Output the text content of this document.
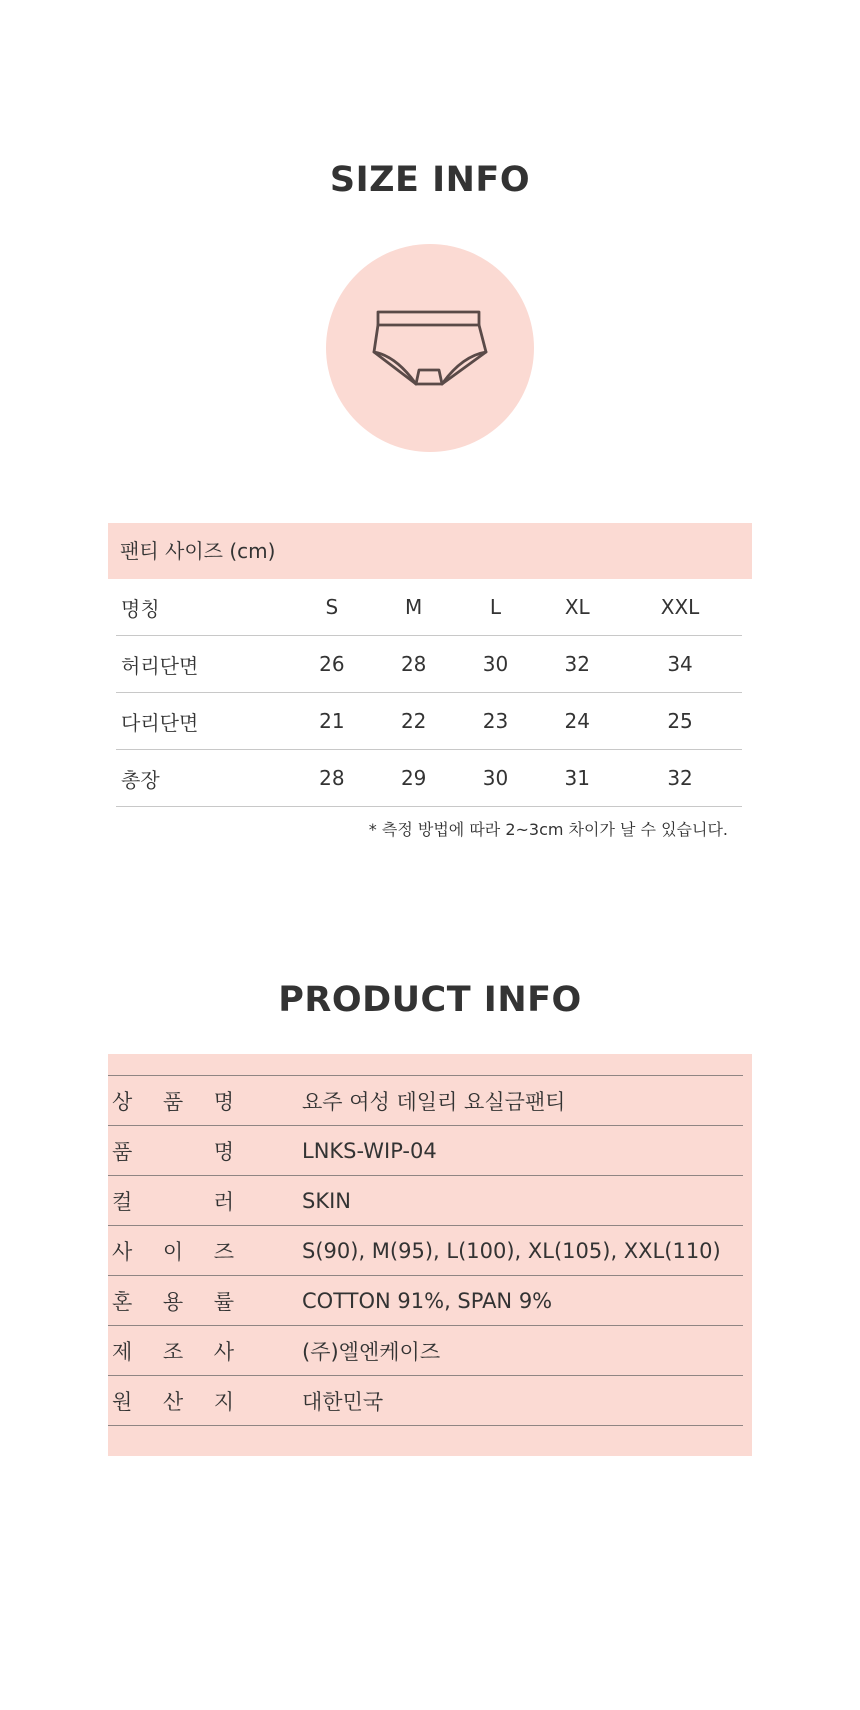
SIZE INFO
팬티 사이즈 (cm)
명칭	S	M	L	XL	XXL
허리단면	26	28	30	32	34
다리단면	21	22	23	24	25
총장	28	29	30	31	32
* 측정 방법에 따라 2~3cm 차이가 날 수 있습니다.
PRODUCT INFO
상 품 명	요주 여성 데일리 요실금팬티

품 명	LNKS-WIP-04

컬 러	SKIN

사 이 즈	S(90), M(95), L(100), XL(105), XXL(110)

혼 용 률	COTTON 91%, SPAN 9%

제 조 사	(주)엘엔케이즈

원 산 지	대한민국
